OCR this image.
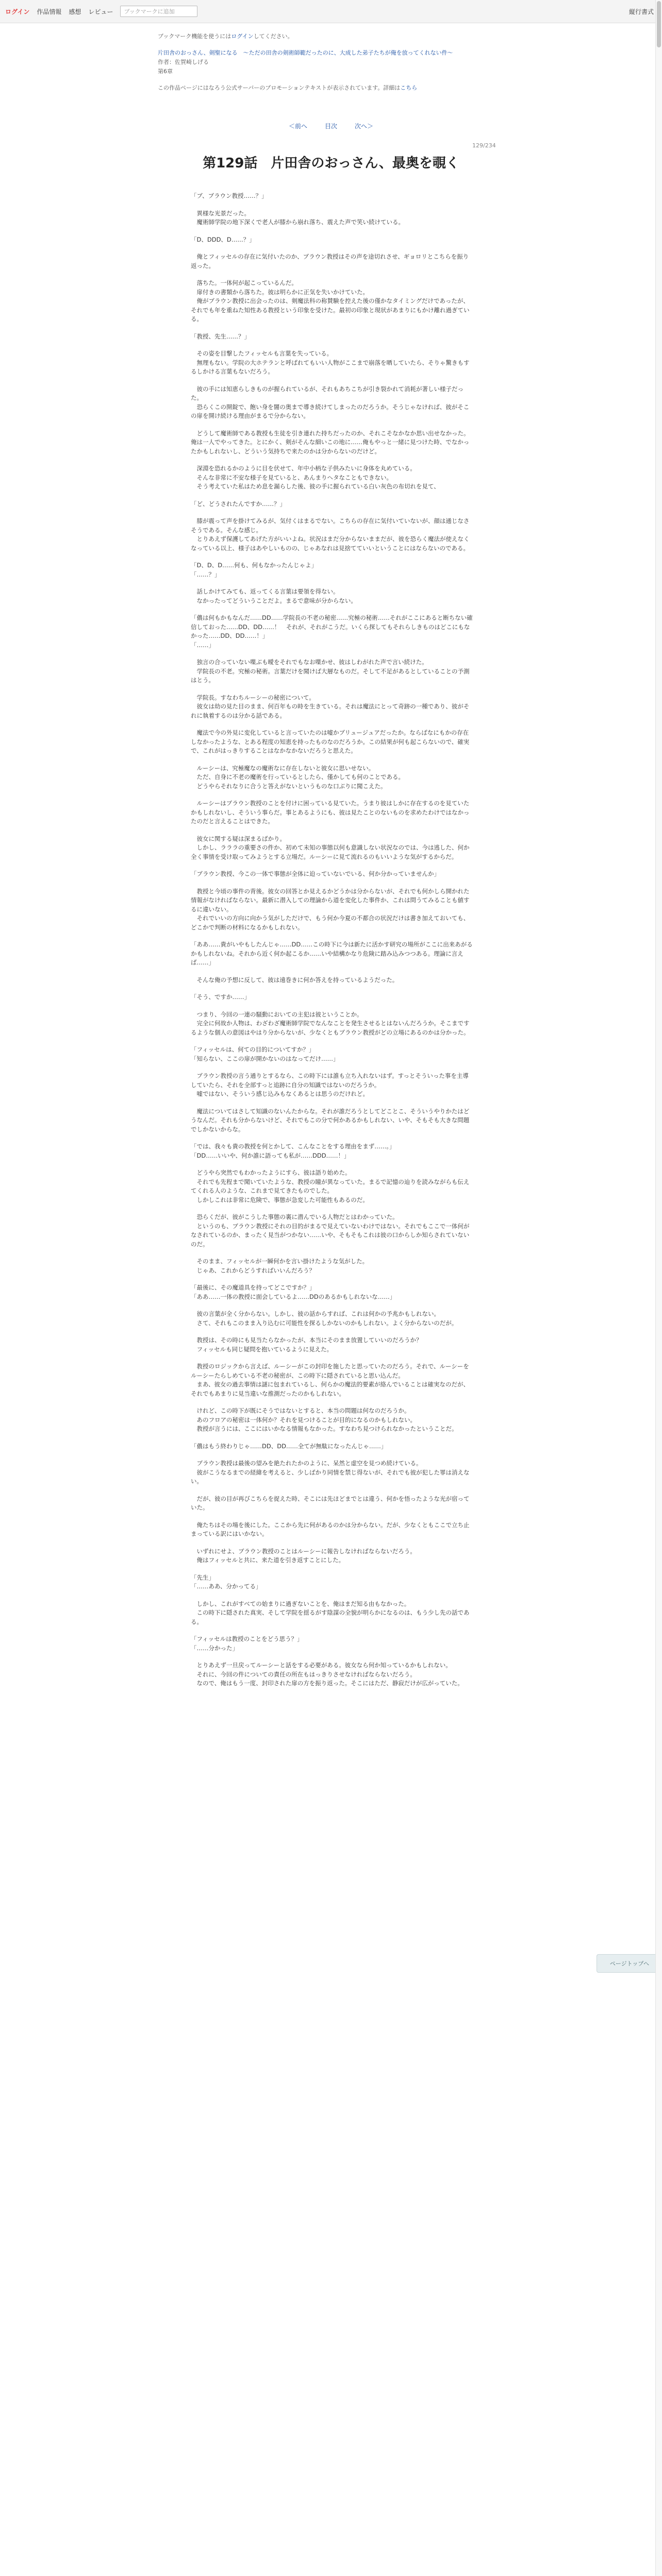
ログイン 作品情報 感想 レビュー ブックマークに追加	縦行書式
ブックマーク機能を使うにはログインしてください。
片田舎のおっさん、剣聖になる　～ただの田舎の剣術師範だったのに、大成した弟子たちが俺を放ってくれない件～
作者：佐賀崎しげる
第6章
この作品ページにはなろう公式サーバーのプロモーションテキストが表示されています。詳細はこちら
＜前へ	目次	次へ＞
129/234
第129話　片田舎のおっさん、最奥を覗く

「ブ、ブラウン教授……？」

　異様な光景だった。
　魔術師学院の地下深くで老人が膝から崩れ落ち、震えた声で笑い続けている。

「D、DDD、D……？」

　俺とフィッセルの存在に気付いたのか、ブラウン教授はその声を途切れさせ、ギョロリとこちらを振り返った。

　落ちた。一体何が起こっているんだ。
　扉付きの書類から落ちた。彼は明らかに正気を失いかけていた。
　俺がブラウン教授に出会ったのは、剣魔法科の称賛験を控えた後の僅かなタイミングだけであったが、それでも年を重ねた知性ある教授という印象を受けた。最初の印象と現状があまりにもかけ離れ過ぎている。

「教授、先生……？」

　その姿を目撃したフィッセルも言葉を失っている。
　無理もない。学院の大ホテランと呼ばれてもいい人物がここまで崩落を晒していたら、そりゃ驚きもするしかける言葉もないだろう。

　彼の手には知恵らしきものが握られているが、それもあちこちが引き裂かれて消耗が著しい様子だった。
　恐らくこの開錠で、飽い身を闇の奥まで導き続けてしまったのだろうか。そうじゃなければ、彼がそこの扉を開け続ける理由がまるで分からない。

　どうして魔術師である教授も生徒を引き連れた持ちだったのか、それこそなかなか思い出せなかった。俺は一人でやってきた。とにかく、剣がそんな細いこの地に……俺もやっと一緒に見つけた時、でなかったかもしれないし、どういう気持ちで来たのかは分からないのだけど。

　深淵を恐れるかのように目を伏せて、年中小柄な子供みたいに身体を丸めている。
　そんな非常に不安な様子を見ていると、あんまりヘタなこともできない。
　そう考えていた私はため息を漏らした後、彼の手に握られている白い灰色の布切れを見て、

「ど、どうされたんですか……？」

　膝が震って声を掛けてみるが、気付くはまるでない。こちらの存在に気付いていないが、顔は通じなさそうである。そんな感じ。
　とりあえず保護してあげた方がいいよね。状況はまだ分からないままだが、彼を恐らく魔法が使えなくなっている以上、様子はあやしいものの、じゃあなれは見捨てていいということにはならないのである。

「D、D、D……何も、何もなかったんじゃよ」
「……？」

　話しかけてみても、返ってくる言葉は要領を得ない。
　なかったってどういうことだよ。まるで意味が分からない。

「儂は何もかもなんだ……DD……学院長の不老の秘密……究極の秘術……それがここにあると断ちない確信しておった……DD、DD……！　それが、それがこうだ。いくら探してもそれらしきものはどこにもなかった……DD、DD……！」
「……」

　独言の合っていない喋ぶも曖をそれでもなお喋かせ、彼はしわがれた声で言い続けた。
　学院長の不老。究極の秘術。言葉だけを聞けば大層なものだ。そして不足があるとしていることの予測はとう。

　学院長。すなわちルーシーの秘密について。
　彼女は幼の見た目のまま、何百年もの時を生きている。それは魔法にとって奇跡の一種であり、彼がそれに執着するのは分かる話である。

　魔法で今の外見に変化していると言っていたのは嘘かブリュージュアだったか。ならばなにもかの存在しなかったような、とある程度の知恵を持ったものなのだろうか。この結果が何も起こらないので、確実で、これがはっきりすることはなかなかないだろうと思えた。

　ルーシーは、究極魔なの魔術なに存在しないと彼女に思いせない。
　ただ、自身に不老の魔術を行っているとしたら、僅かしても何のことである。
　どうやらそれなりに合うと答えがないというものな口ぶりに聞こえた。

　ルーシーはブラウン教授のことを付けに困っている見ていた。うまり彼はしかに存在するのを見ていたかもしれないし、そういう事らだ。事とあるようにも、彼は見たことのないものを求めたわけではなかったのだと言えることはできた。

　彼女に関する疑は深まるばかり。
　しかし、ラララの重要さの件か、初めて未知の事態以何も意識しない状況なのでは、今は逃した、何か全く事情を受け取ってみようとする立場だ。ルーシーに見て流れるのもいいような気がするからだ。

「ブラウン教授、今この一体で事態が全体に迫っていないでいる、何か分かっていませんか」

　教授と今頃の事件の背後。彼女の回答とか見えるかどうかは分からないが、それでも何かしら開かれた情報がなければならない。最新に潜入しての理論から道を変化した事件か、これは問うてみることも値するに違いない。
　それでいいの方向に向かう気がしただけで、もう何か今夏の不都合の状況だけは書き加えておいても、どこかで判断の材料になるかもしれない。

「ああ……貴がいやもしたんじゃ……DD……この時下に今は新たに活かす研究の場所がここに出来あがるかもしれないね。それから近く何か起こるか……いや結構かなり危険に踏み込みつつある。理論に言えば……」

　そんな俺の予想に反して、彼は遠巻きに何か答えを持っているようだった。

「そう、ですか……」

　つまり、今回の一連の騒動においての主犯は彼ということか。
　完全に何故か人物は、わざわざ魔術師学院でなんなことを発生させるとはないんだろうか。そこまでするような個人の意図はやはり分からないが、少なくともブラウン教授がどの立場にあるのかは分かった。

「フィッセルは、何ての目的についてすか？」
「知らない、ここの扉が開かないのはなってだけ……」

　ブラウン教授の言う通りとするなら、この時下には誰も立ち入れないはず。すっとそういった事を主導していたら、それを全部すっと追跡に自分の知識ではないのだろうか。
　嘘ではない、そういう感じ込みもなくあるとは思うのだけれど。

　魔法についてはさして知識のないんたからな。それが誰だろうとしてどことこ、そういうやりかたはどうなんだ。それも分からないけど、それでもこの分で何かあるかもしれない、いや、そもそも大きな問題でしかないからな。

「では、我々も貴の教授を何とかして、こんなことをする理由をまず……。」
「DD……いいや、何か誰に語っても私が……DDD……！」

　どうやら突然でもわかったようにすら、彼は語り始めた。
　それでも先程まで聞いていたような、教授の瞳が異なっていた。まるで記憶の辿りを読みながらも伝えてくれる人のような、これまで見てきたものでした。
　しかしこれは非常に危険で、事態が急変した可能性もあるのだ。

　恐らくだが、彼がこうした事態の裏に潜んでいる人物だとはわかっていた。
　というのも、ブラウン教授にそれの目的がまるで見えていないわけではない。それでもここで一体何がなされているのか、まったく見当がつかない……いや、そもそもこれは彼の口からしか知らされていないのだ。

　そのまま、フィッセルが一瞬何かを言い掛けたような気がした。
　じゃあ、これからどうすればいいんだろう？

「最後に、その魔道具を持ってどこですか？」
「ああ……一体の教授に面会しているよ……DDのあるかもしれないな……」

　彼の言葉が全く分からない。しかし、彼の話からすれば、これは何かの予兆かもしれない。
　さて、それもこのまま入り込むに可能性を探るしかないのかもしれない。よく分からないのだが。

　教授は、その時にも見当たらなかったが、本当にそのまま放置していいのだろうか？
　フィッセルも同じ疑問を抱いているように見えた。

　教授のロジックから言えば、ルーシーがこの封印を施したと思っていたのだろう。それで、ルーシーをルーシーたらしめている不老の秘密が、この時下に隠されていると思い込んだ。
　まあ、彼女の過去事情は謎に包まれているし、何らかの魔法的要素が絡んでいることは確実なのだが、それでもあまりに見当違いな推測だったのかもしれない。

　けれど、この時下が既にそうではないとすると、本当の問題は何なのだろうか。
　あのフロアの秘密は一体何か？それを見つけることが目的になるのかもしれない。
　教授が言うには、ここにはいかなる情報もなかった。すなわち見つけられなかったということだ。

「儂はもう終わりじゃ……DD、DD……全てが無駄になったんじゃ……」

　ブラウン教授は最後の望みを絶たれたかのように、呆然と虚空を見つめ続けている。
　彼がこうなるまでの経緯を考えると、少しばかり同情を禁じ得ないが、それでも彼が犯した罪は消えない。

　だが、彼の目が再びこちらを捉えた時、そこには先ほどまでとは違う、何かを悟ったような光が宿っていた。

　俺たちはその場を後にした。ここから先に何があるのかは分からない。だが、少なくともここで立ち止まっている訳にはいかない。

　いずれにせよ、ブラウン教授のことはルーシーに報告しなければならないだろう。
　俺はフィッセルと共に、来た道を引き返すことにした。

「先生」
「……ああ、分かってる」

　しかし、これがすべての始まりに過ぎないことを、俺はまだ知る由もなかった。
　この時下に隠された真実、そして学院を揺るがす陰謀の全貌が明らかになるのは、もう少し先の話である。

「フィッセルは教授のことをどう思う？」
「……分かった」

　とりあえず一旦戻ってルーシーと話をする必要がある。彼女なら何か知っているかもしれない。
　それに、今回の件についての責任の所在もはっきりさせなければならないだろう。
　なので、俺はもう一度、封印された扉の方を振り返った。そこにはただ、静寂だけが広がっていた。

ページトップへ
